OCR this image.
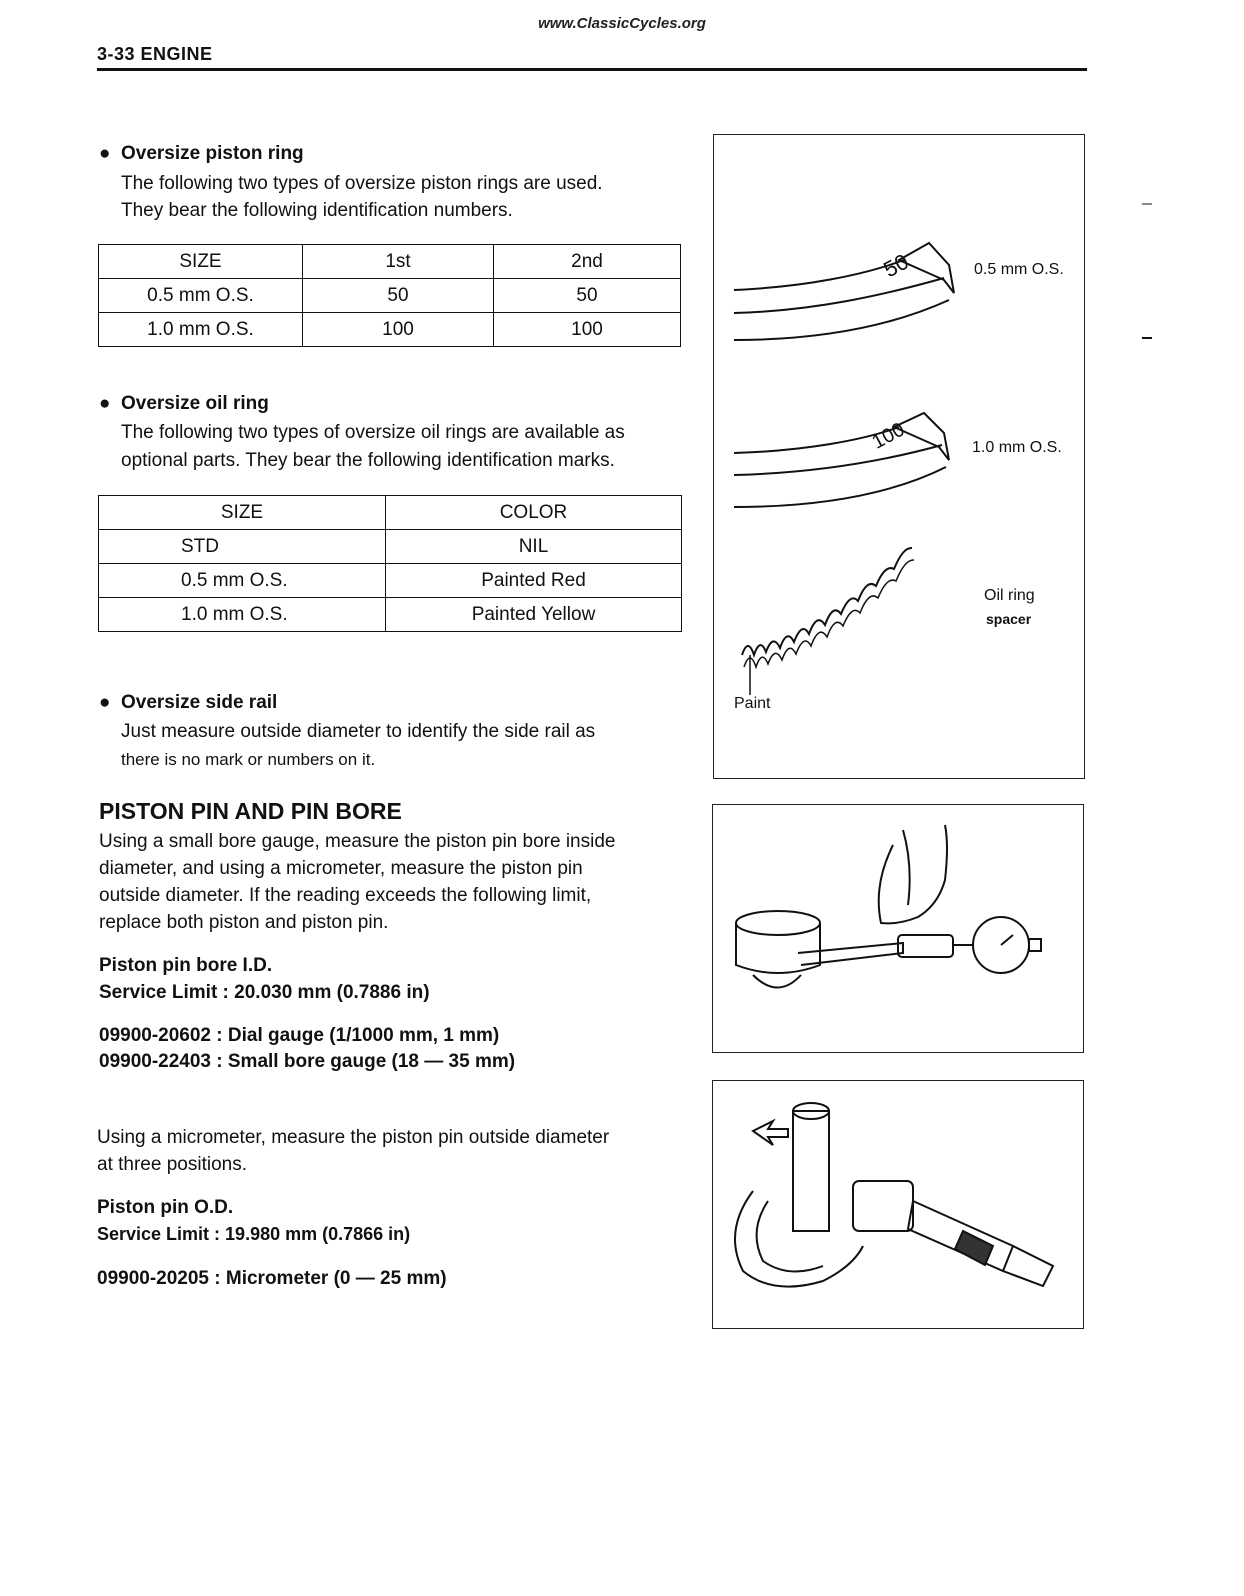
www.ClassicCycles.org
3-33 ENGINE
● Oversize piston ring
The following two types of oversize piston rings are used.
They bear the following identification numbers.
SIZE	1st	2nd
0.5 mm O.S.	50	50
1.0 mm O.S.	100	100
● Oversize oil ring
The following two types of oversize oil rings are available as
optional parts. They bear the following identification marks.
SIZE	COLOR
STD	NIL
0.5 mm O.S.	Painted Red
1.0 mm O.S.	Painted Yellow
● Oversize side rail
Just measure outside diameter to identify the side rail as
there is no mark or numbers on it.
PISTON PIN AND PIN BORE
Using a small bore gauge, measure the piston pin bore inside
diameter, and using a micrometer, measure the piston pin
outside diameter. If the reading exceeds the following limit,
replace both piston and piston pin.
Piston pin bore I.D.
Service Limit : 20.030 mm (0.7886 in)
09900-20602 : Dial gauge (1/1000 mm, 1 mm)
09900-22403 : Small bore gauge (18 — 35 mm)
Using a micrometer, measure the piston pin outside diameter
at three positions.
Piston pin O.D.
Service Limit : 19.980 mm (0.7866 in)
09900-20205 : Micrometer (0 — 25 mm)
50	0.5 mm O.S.
100	1.0 mm O.S.
Oil ring
spacer
Paint
